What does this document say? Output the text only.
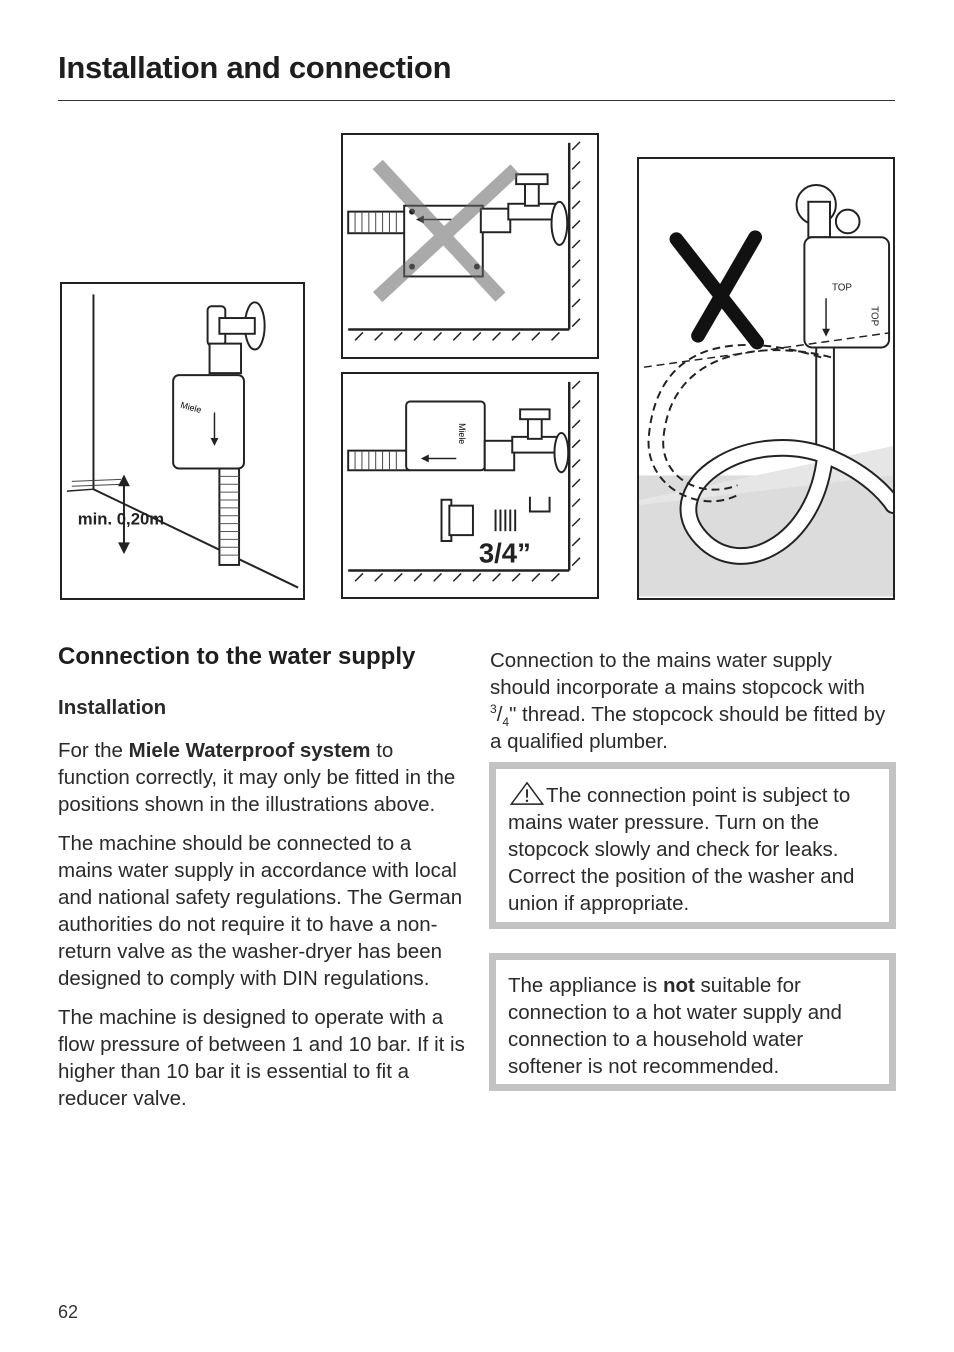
Installation and connection
Miele
min. 0,20m
Miele
3/4”
TOP
TOP
Connection to the water supply
Installation

For the Miele Waterproof system to function correctly, it may only be fitted in the positions shown in the illustrations above.

The machine should be connected to a mains water supply in accordance with local and national safety regulations. The German authorities do not require it to have a non-return valve as the washer-dryer has been designed to comply with DIN regulations.

The machine is designed to operate with a flow pressure of between 1 and 10 bar. If it is higher than 10 bar it is essential to fit a reducer valve.

Connection to the mains water supply should incorporate a mains stopcock with $^3/_4$" thread. The stopcock should be fitted by a qualified plumber.

The connection point is subject to mains water pressure. Turn on the stopcock slowly and check for leaks. Correct the position of the washer and union if appropriate.
The appliance is not suitable for connection to a hot water supply and connection to a household water softener is not recommended.
62
